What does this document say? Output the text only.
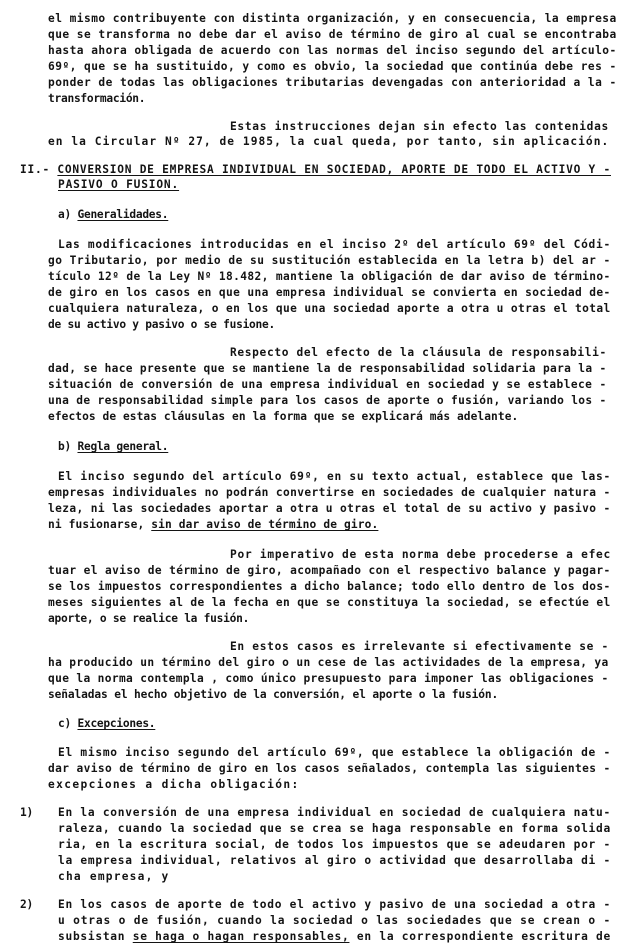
el mismo contribuyente con distinta organización, y en consecuencia, la empresa
que se transforma no debe dar el aviso de término de giro al cual se encontraba
hasta ahora obligada de acuerdo con las normas del inciso segundo del artículo-
69º, que se ha sustituido, y como es obvio, la sociedad que continúa debe res -
ponder de todas las obligaciones tributarias devengadas con anterioridad a la -
transformación.
Estas instrucciones dejan sin efecto las contenidas
en la Circular Nº 27, de 1985, la cual queda, por tanto, sin aplicación.
II.- CONVERSION DE EMPRESA INDIVIDUAL EN SOCIEDAD, APORTE DE TODO EL ACTIVO Y -
PASIVO O FUSION.
a) Generalidades.
Las modificaciones introducidas en el inciso 2º del artículo 69º del Códi-
go Tributario, por medio de su sustitución establecida en la letra b) del ar -
tículo 12º de la Ley Nº 18.482, mantiene la obligación de dar aviso de término-
de giro en los casos en que una empresa individual se convierta en sociedad de-
cualquiera naturaleza, o en los que una sociedad aporte a otra u otras el total
de su activo y pasivo o se fusione.
Respecto del efecto de la cláusula de responsabili-
dad, se hace presente que se mantiene la de responsabilidad solidaria para la -
situación de conversión de una empresa individual en sociedad y se establece -
una de responsabilidad simple para los casos de aporte o fusión, variando los -
efectos de estas cláusulas en la forma que se explicará más adelante.
b) Regla general.
El inciso segundo del artículo 69º, en su texto actual, establece que las-
empresas individuales no podrán convertirse en sociedades de cualquier natura -
leza, ni las sociedades aportar a otra u otras el total de su activo y pasivo -
ni fusionarse, sin dar aviso de término de giro.
Por imperativo de esta norma debe procederse a efec
tuar el aviso de término de giro, acompañado con el respectivo balance y pagar-
se los impuestos correspondientes a dicho balance; todo ello dentro de los dos-
meses siguientes al de la fecha en que se constituya la sociedad, se efectúe el
aporte, o se realice la fusión.
En estos casos es irrelevante si efectivamente se -
ha producido un término del giro o un cese de las actividades de la empresa, ya
que la norma contempla , como único presupuesto para imponer las obligaciones -
señaladas el hecho objetivo de la conversión, el aporte o la fusión.
c) Excepciones.
El mismo inciso segundo del artículo 69º, que establece la obligación de -
dar aviso de término de giro en los casos señalados, contempla las siguientes -
excepciones a dicha obligación:
1) En la conversión de una empresa individual en sociedad de cualquiera natu-
raleza, cuando la sociedad que se crea se haga responsable en forma solida
ria, en la escritura social, de todos los impuestos que se adeudaren por -
la empresa individual, relativos al giro o actividad que desarrollaba di -
cha empresa, y
2) En los casos de aporte de todo el activo y pasivo de una sociedad a otra -
u otras o de fusión, cuando la sociedad o las sociedades que se crean o -
subsistan se haga o hagan responsables, en la correspondiente escritura de
